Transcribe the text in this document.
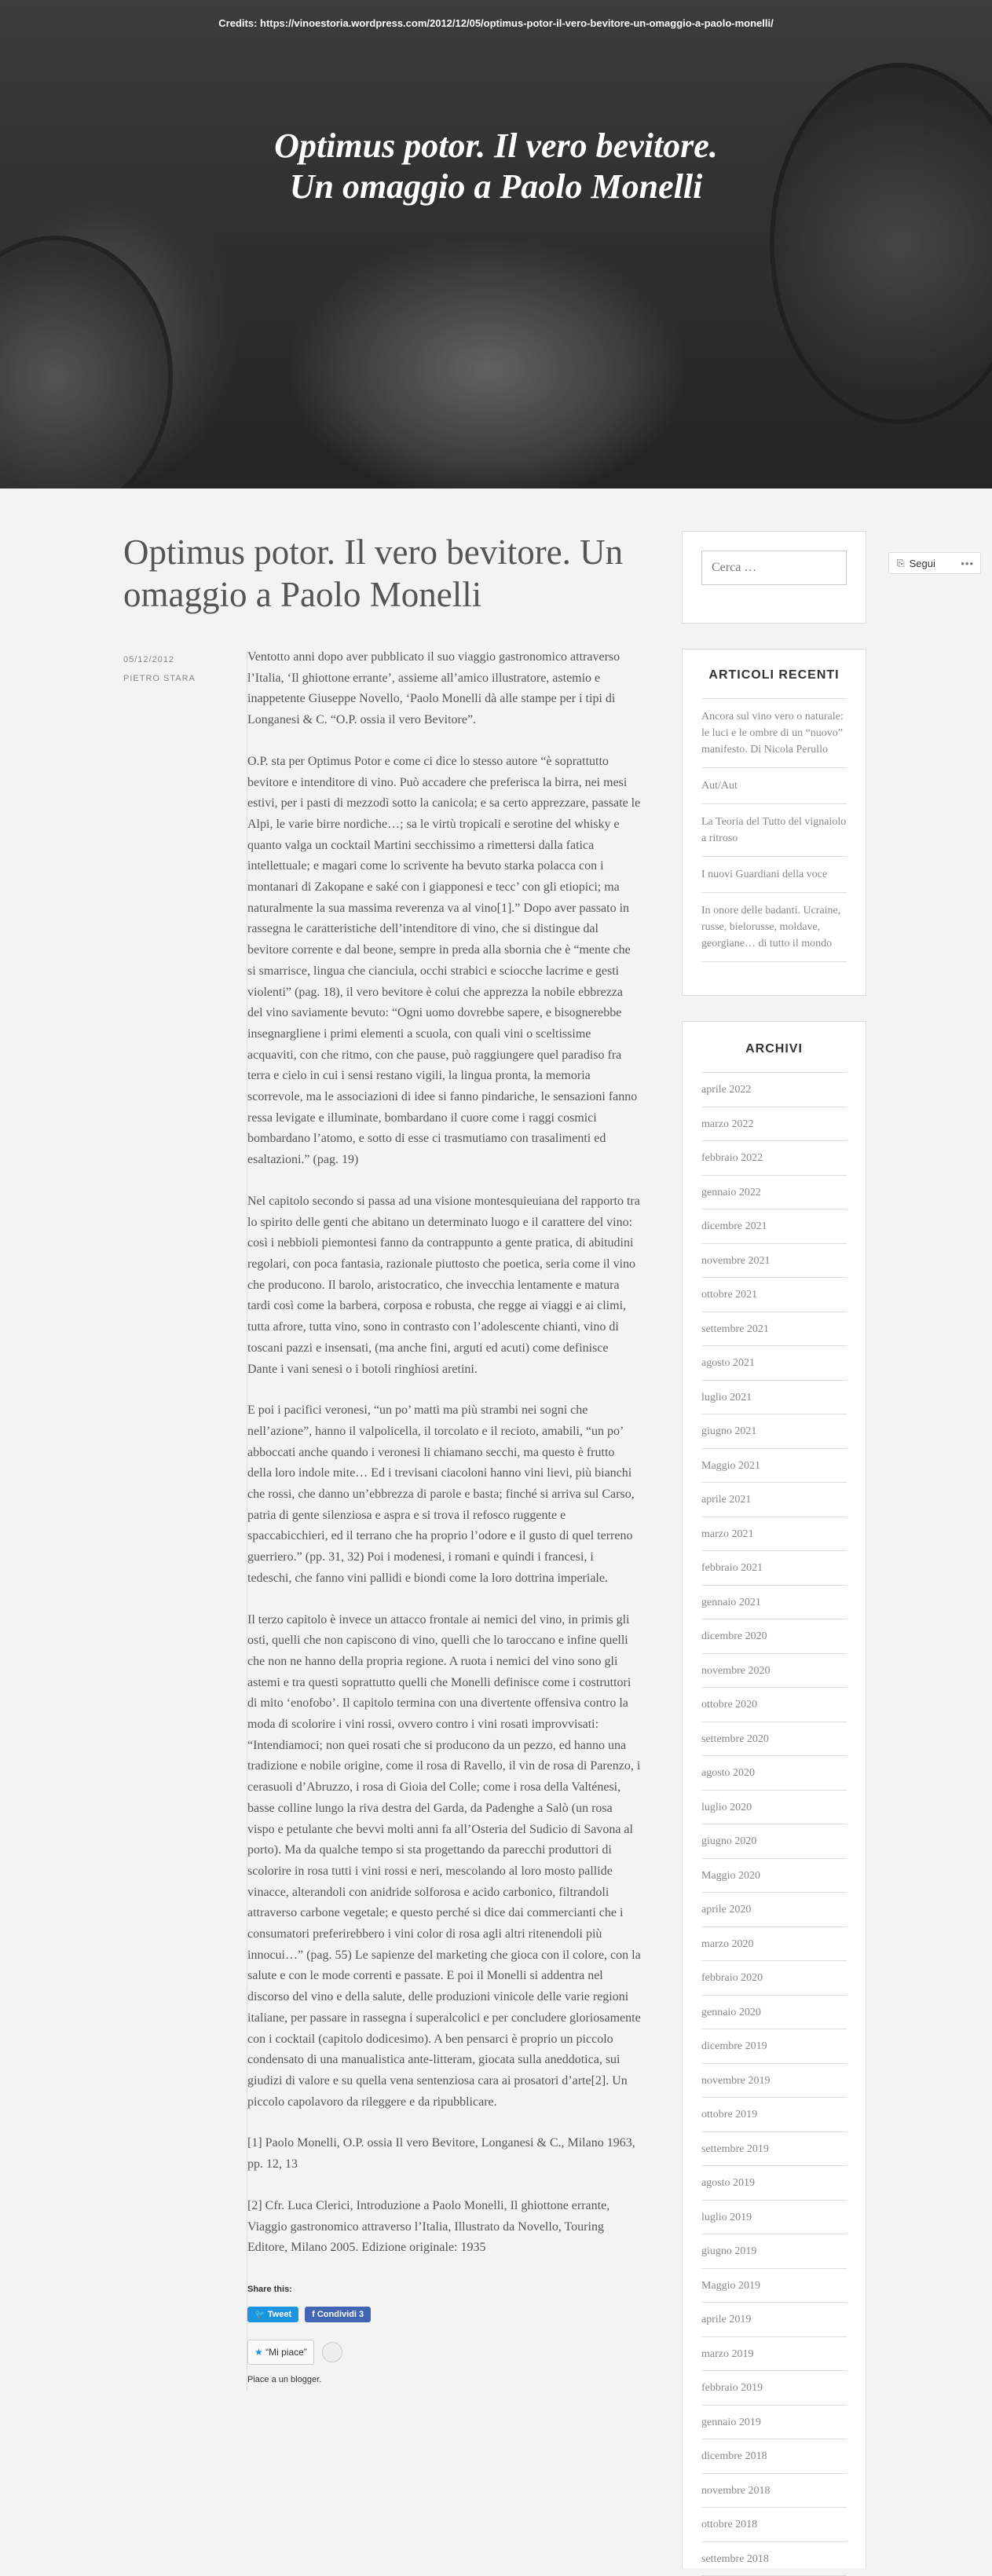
Credits: https://vinoestoria.wordpress.com/2012/12/05/optimus-potor-il-vero-bevitore-un-omaggio-a-paolo-monelli/
Optimus potor. Il vero bevitore. Un omaggio a Paolo Monelli
Optimus potor. Il vero bevitore. Un omaggio a Paolo Monelli
05/12/2012
PIETRO STARA

Ventotto anni dopo aver pubblicato il suo viaggio gastronomico attraverso l’Italia, ‘Il ghiottone errante’, assieme all’amico illustratore, astemio e inappetente Giuseppe Novello, ‘Paolo Monelli dà alle stampe per i tipi di Longanesi & C. “O.P. ossia il vero Bevitore”.

O.P. sta per Optimus Potor e come ci dice lo stesso autore “è soprattutto bevitore e intenditore di vino. Può accadere che preferisca la birra, nei mesi estivi, per i pasti di mezzodì sotto la canicola; e sa certo apprezzare, passate le Alpi, le varie birre nordiche…; sa le virtù tropicali e serotine del whisky e quanto valga un cocktail Martini secchissimo a rimettersi dalla fatica intellettuale; e magari come lo scrivente ha bevuto starka polacca con i montanari di Zakopane e saké con i giapponesi e tecc’ con gli etiopici; ma naturalmente la sua massima reverenza va al vino[1].” Dopo aver passato in rassegna le caratteristiche dell’intenditore di vino, che si distingue dal bevitore corrente e dal beone, sempre in preda alla sbornia che è “mente che si smarrisce, lingua che cianciula, occhi strabici e sciocche lacrime e gesti violenti” (pag. 18), il vero bevitore è colui che apprezza la nobile ebbrezza del vino saviamente bevuto: “Ogni uomo dovrebbe sapere, e bisognerebbe insegnargliene i primi elementi a scuola, con quali vini o sceltissime acquaviti, con che ritmo, con che pause, può raggiungere quel paradiso fra terra e cielo in cui i sensi restano vigili, la lingua pronta, la memoria scorrevole, ma le associazioni di idee si fanno pindariche, le sensazioni fanno ressa levigate e illuminate, bombardano il cuore come i raggi cosmici bombardano l’atomo, e sotto di esse ci trasmutiamo con trasalimenti ed esaltazioni.” (pag. 19)

Nel capitolo secondo si passa ad una visione montesquieuiana del rapporto tra lo spirito delle genti che abitano un determinato luogo e il carattere del vino: così i nebbioli piemontesi fanno da contrappunto a gente pratica, di abitudini regolari, con poca fantasia, razionale piuttosto che poetica, seria come il vino che producono. Il barolo, aristocratico, che invecchia lentamente e matura tardi così come la barbera, corposa e robusta, che regge ai viaggi e ai climi, tutta afrore, tutta vino, sono in contrasto con l’adolescente chianti, vino di toscani pazzi e insensati, (ma anche fini, arguti ed acuti) come definisce Dante i vani senesi o i botoli ringhiosi aretini.

E poi i pacifici veronesi, “un po’ matti ma più strambi nei sogni che nell’azione”, hanno il valpolicella, il torcolato e il recioto, amabili, “un po’ abboccati anche quando i veronesi li chiamano secchi, ma questo è frutto della loro indole mite… Ed i trevisani ciacoloni hanno vini lievi, più bianchi che rossi, che danno un’ebbrezza di parole e basta; finché si arriva sul Carso, patria di gente silenziosa e aspra e si trova il refosco ruggente e spaccabicchieri, ed il terrano che ha proprio l’odore e il gusto di quel terreno guerriero.” (pp. 31, 32) Poi i modenesi, i romani e quindi i francesi, i tedeschi, che fanno vini pallidi e biondi come la loro dottrina imperiale.

Il terzo capitolo è invece un attacco frontale ai nemici del vino, in primis gli osti, quelli che non capiscono di vino, quelli che lo taroccano e infine quelli che non ne hanno della propria regione. A ruota i nemici del vino sono gli astemi e tra questi soprattutto quelli che Monelli definisce come i costruttori di mito ‘enofobo’. Il capitolo termina con una divertente offensiva contro la moda di scolorire i vini rossi, ovvero contro i vini rosati improvvisati: “Intendiamoci; non quei rosati che si producono da un pezzo, ed hanno una tradizione e nobile origine, come il rosa di Ravello, il vin de rosa di Parenzo, i cerasuoli d’Abruzzo, i rosa di Gioia del Colle; come i rosa della Valténesi, basse colline lungo la riva destra del Garda, da Padenghe a Salò (un rosa vispo e petulante che bevvi molti anni fa all’Osteria del Sudicio di Savona al porto). Ma da qualche tempo si sta progettando da parecchi produttori di scolorire in rosa tutti i vini rossi e neri, mescolando al loro mosto pallide vinacce, alterandoli con anidride solforosa e acido carbonico, filtrandoli attraverso carbone vegetale; e questo perché si dice dai commercianti che i consumatori preferirebbero i vini color di rosa agli altri ritenendoli più innocui…” (pag. 55) Le sapienze del marketing che gioca con il colore, con la salute e con le mode correnti e passate. E poi il Monelli si addentra nel discorso del vino e della salute, delle produzioni vinicole delle varie regioni italiane, per passare in rassegna i superalcolici e per concludere gloriosamente con i cocktail (capitolo dodicesimo). A ben pensarci è proprio un piccolo condensato di una manualistica ante-litteram, giocata sulla aneddotica, sui giudizi di valore e su quella vena sentenziosa cara ai prosatori d’arte[2]. Un piccolo capolavoro da rileggere e da ripubblicare.

[1] Paolo Monelli, O.P. ossia Il vero Bevitore, Longanesi & C., Milano 1963, pp. 12, 13

[2] Cfr. Luca Clerici, Introduzione a Paolo Monelli, Il ghiottone errante, Viaggio gastronomico attraverso l’Italia, Illustrato da Novello, Touring Editore, Milano 2005. Edizione originale: 1935

Share this:
🐦 Tweet	f Condividi 3
★ “Mi piace”
Piace a un blogger.
Cerca …
ARTICOLI RECENTI
Ancora sul vino vero o naturale: le luci e le ombre di un “nuovo” manifesto. Di Nicola Perullo
Aut/Aut
La Teoria del Tutto del vignaiolo a ritroso
I nuovi Guardiani della voce
In onore delle badanti. Ucraine, russe, bielorusse, moldave, georgiane… di tutto il mondo
ARCHIVI
aprile 2022
marzo 2022
febbraio 2022
gennaio 2022
dicembre 2021
novembre 2021
ottobre 2021
settembre 2021
agosto 2021
luglio 2021
giugno 2021
Maggio 2021
aprile 2021
marzo 2021
febbraio 2021
gennaio 2021
dicembre 2020
novembre 2020
ottobre 2020
settembre 2020
agosto 2020
luglio 2020
giugno 2020
Maggio 2020
aprile 2020
marzo 2020
febbraio 2020
gennaio 2020
dicembre 2019
novembre 2019
ottobre 2019
settembre 2019
agosto 2019
luglio 2019
giugno 2019
Maggio 2019
aprile 2019
marzo 2019
febbraio 2019
gennaio 2019
dicembre 2018
novembre 2018
ottobre 2018
settembre 2018
⎘ Segui •••
